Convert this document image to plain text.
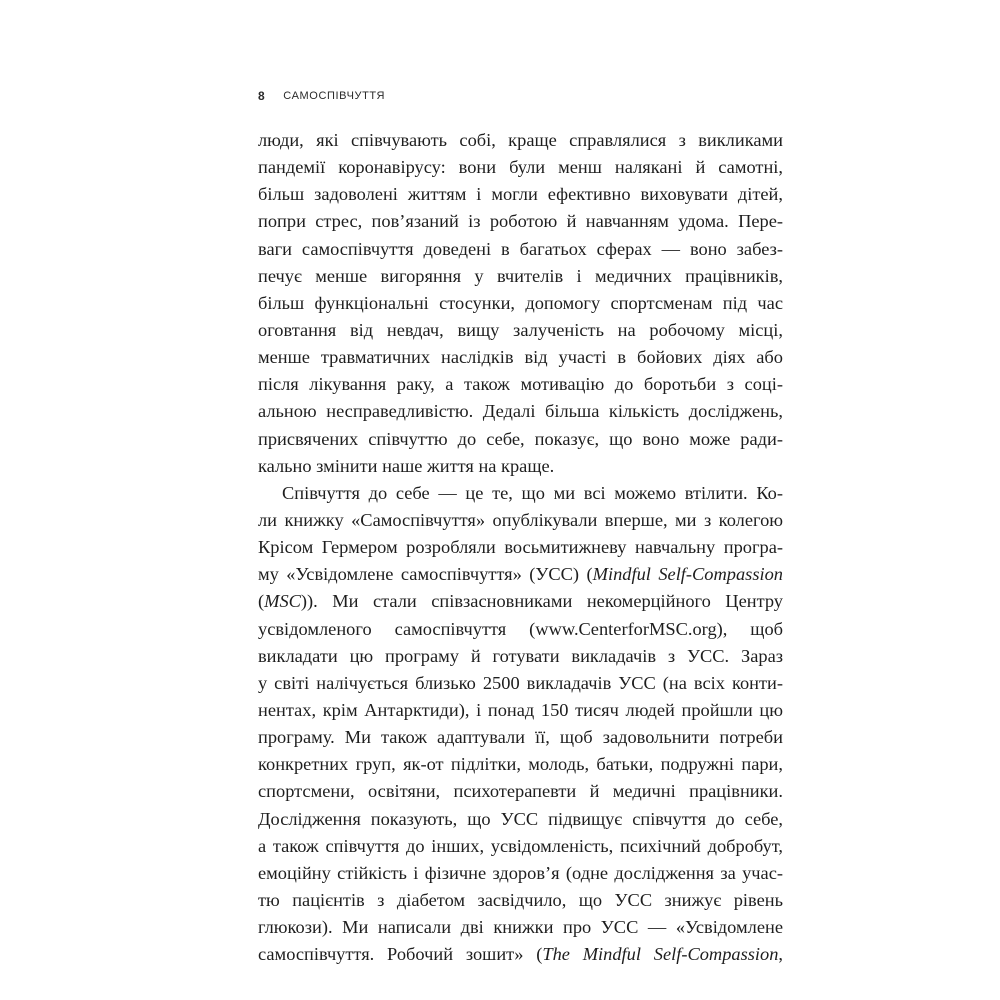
8 САМОСПІВЧУТТЯ
люди, які співчувають собі, краще справлялися з викликами
пандемії коронавірусу: вони були менш налякані й самотні,
більш задоволені життям і могли ефективно виховувати дітей,
попри стрес, пов’язаний із роботою й навчанням удома. Пере-
ваги самоспівчуття доведені в багатьох сферах — воно забез-
печує менше вигоряння у вчителів і медичних працівників,
більш функціональні стосунки, допомогу спортсменам під час
оговтання від невдач, вищу залученість на робочому місці,
менше травматичних наслідків від участі в бойових діях або
після лікування раку, а також мотивацію до боротьби з соці-
альною несправедливістю. Дедалі більша кількість досліджень,
присвячених співчуттю до себе, показує, що воно може ради-
кально змінити наше життя на краще.
Співчуття до себе — це те, що ми всі можемо втілити. Ко-
ли книжку «Самоспівчуття» опублікували вперше, ми з колегою
Крісом Гермером розробляли восьмитижневу навчальну програ-
му «Усвідомлене самоспівчуття» (УСС) (Mindful Self-Compassion
(MSC)). Ми стали співзасновниками некомерційного Центру
усвідомленого самоспівчуття (www.CenterforMSC.org), щоб
викладати цю програму й готувати викладачів з УСС. Зараз
у світі налічується близько 2500 викладачів УСС (на всіх конти-
нентах, крім Антарктиди), і понад 150 тисяч людей пройшли цю
програму. Ми також адаптували її, щоб задовольнити потреби
конкретних груп, як-от підлітки, молодь, батьки, подружні пари,
спортсмени, освітяни, психотерапевти й медичні працівники.
Дослідження показують, що УСС підвищує співчуття до себе,
а також співчуття до інших, усвідомленість, психічний добробут,
емоційну стійкість і фізичне здоров’я (одне дослідження за учас-
тю пацієнтів з діабетом засвідчило, що УСС знижує рівень
глюкози). Ми написали дві книжки про УСС — «Усвідомлене
самоспівчуття. Робочий зошит» (The Mindful Self-Compassion,
